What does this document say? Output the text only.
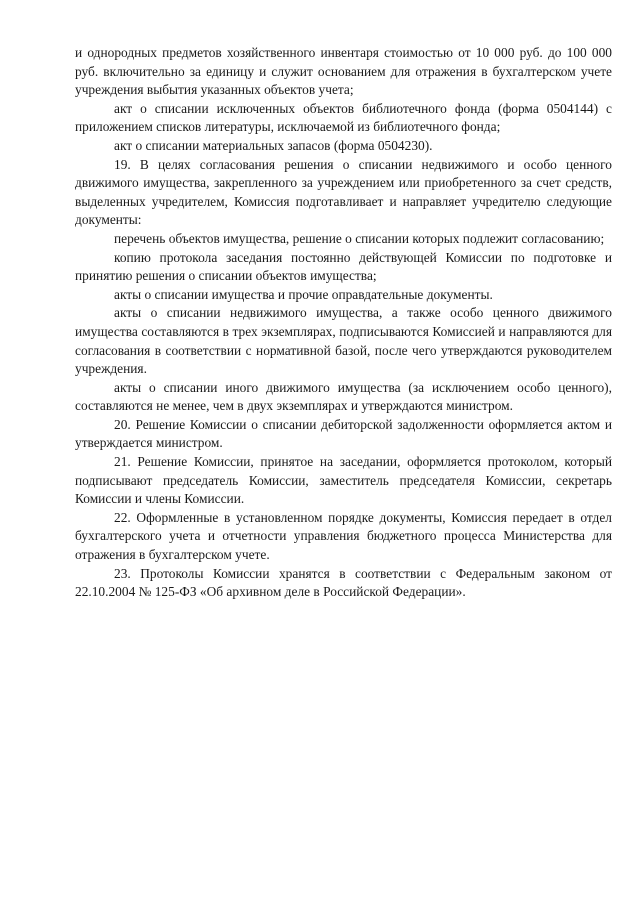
и однородных предметов хозяйственного инвентаря стоимостью от 10 000 руб. до 100 000 руб. включительно за единицу и служит основанием для отражения в бухгалтерском учете учреждения выбытия указанных объектов учета;

акт о списании исключенных объектов библиотечного фонда (форма 0504144) с приложением списков литературы, исключаемой из библиотечного фонда;

акт о списании материальных запасов (форма 0504230).

19. В целях согласования решения о списании недвижимого и особо ценного движимого имущества, закрепленного за учреждением или приобретенного за счет средств, выделенных учредителем, Комиссия подготавливает и направляет учредителю следующие документы:

перечень объектов имущества, решение о списании которых подлежит согласованию;

копию протокола заседания постоянно действующей Комиссии по подготовке и принятию решения о списании объектов имущества;

акты о списании имущества и прочие оправдательные документы.

акты о списании недвижимого имущества, а также особо ценного движимого имущества составляются в трех экземплярах, подписываются Комиссией и направляются для согласования в соответствии с нормативной базой, после чего утверждаются руководителем учреждения.

акты о списании иного движимого имущества (за исключением особо ценного), составляются не менее, чем в двух экземплярах и утверждаются министром.

20. Решение Комиссии о списании дебиторской задолженности оформляется актом и утверждается министром.

21. Решение Комиссии, принятое на заседании, оформляется протоколом, который подписывают председатель Комиссии, заместитель председателя Комиссии, секретарь Комиссии и члены Комиссии.

22. Оформленные в установленном порядке документы, Комиссия передает в отдел бухгалтерского учета и отчетности управления бюджетного процесса Министерства для отражения в бухгалтерском учете.

23. Протоколы Комиссии хранятся в соответствии с Федеральным законом от 22.10.2004 № 125-ФЗ «Об архивном деле в Российской Федерации».
